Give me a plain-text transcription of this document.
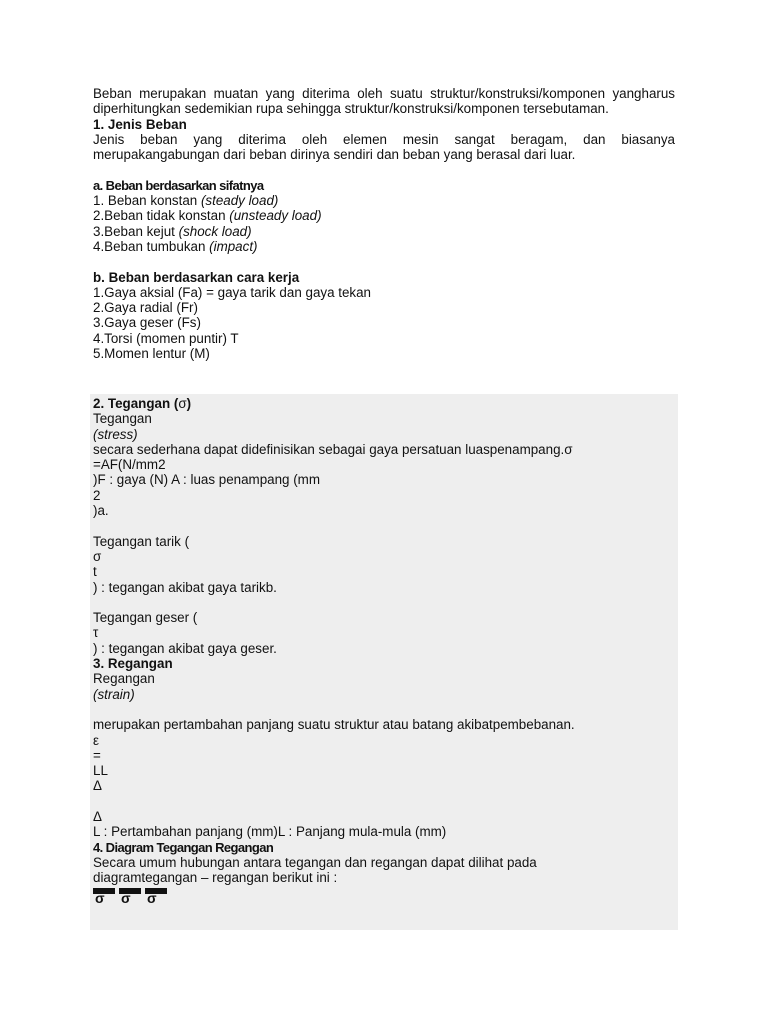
Beban merupakan muatan yang diterima oleh suatu struktur/konstruksi/komponen yangharus diperhitungkan sedemikian rupa sehingga struktur/konstruksi/komponen tersebutaman.

1. Jenis Beban

Jenis beban yang diterima oleh elemen mesin sangat beragam, dan biasanya merupakangabungan dari beban dirinya sendiri dan beban yang berasal dari luar.

a. Beban berdasarkan sifatnya

1. Beban konstan (steady load)

2.Beban tidak konstan (unsteady load)

3.Beban kejut (shock load)

4.Beban tumbukan (impact)

b. Beban berdasarkan cara kerja

1.Gaya aksial (Fa) = gaya tarik dan gaya tekan

2.Gaya radial (Fr)

3.Gaya geser (Fs)

4.Torsi (momen puntir) T

5.Momen lentur (M)

2. Tegangan (σ)

Tegangan

(stress)

secara sederhana dapat didefinisikan sebagai gaya persatuan luaspenampang.σ

=AF(N/mm2

)F : gaya (N) A : luas penampang (mm

2

)a.

Tegangan tarik (

σ

t

) : tegangan akibat gaya tarikb.

Tegangan geser (

τ

) : tegangan akibat gaya geser.

3. Regangan

Regangan

(strain)

merupakan pertambahan panjang suatu struktur atau batang akibatpembebanan.

ε

=

LL

Δ

Δ

L : Pertambahan panjang (mm)L : Panjang mula-mula (mm)

4. Diagram Tegangan Regangan

Secara umum hubungan antara tegangan dan regangan dapat dilihat pada

diagramtegangan – regangan berikut ini :

σ σ σ
